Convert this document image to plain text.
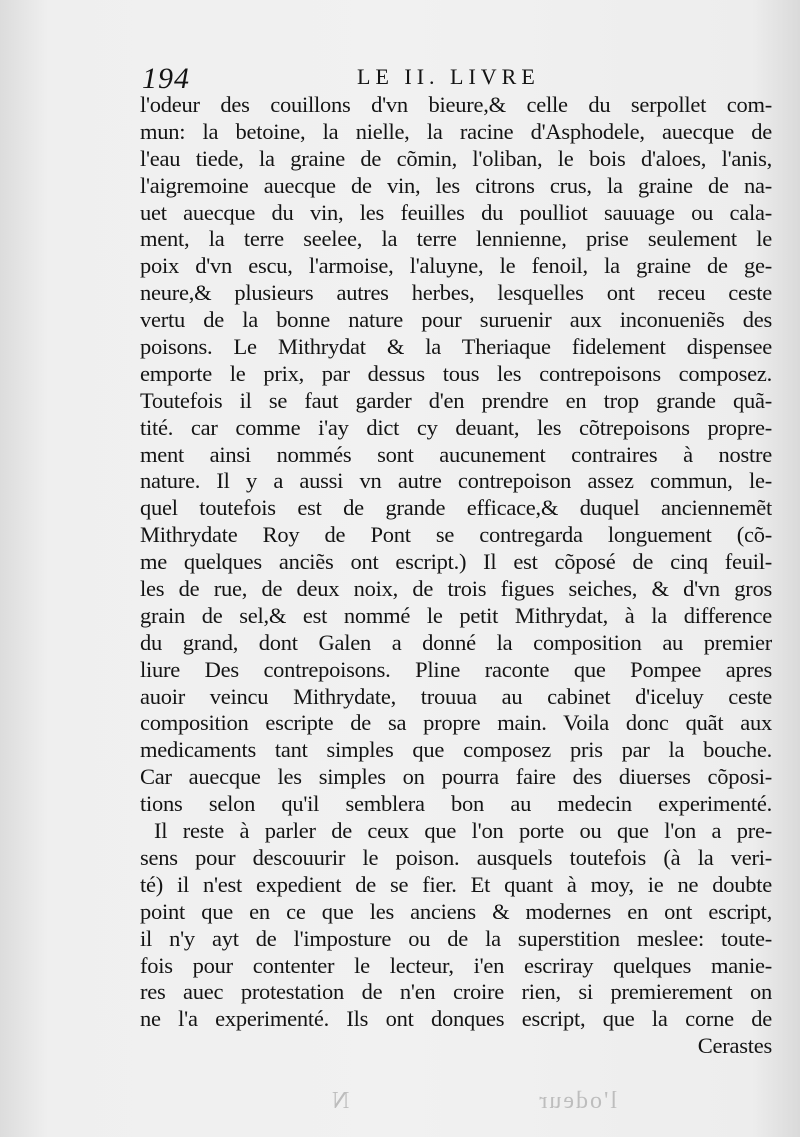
194	LE II. LIVRE
l'odeur des couillons d'vn bieure,& celle du serpollet com-
mun: la betoine, la nielle, la racine d'Asphodele, auecque de
l'eau tiede, la graine de cõmin, l'oliban, le bois d'aloes, l'anis,
l'aigremoine auecque de vin, les citrons crus, la graine de na-
uet auecque du vin, les feuilles du poulliot sauuage ou cala-
ment, la terre seelee, la terre lennienne, prise seulement le
poix d'vn escu, l'armoise, l'aluyne, le fenoil, la graine de ge-
neure,& plusieurs autres herbes, lesquelles ont receu ceste
vertu de la bonne nature pour suruenir aux inconueniẽs des
poisons. Le Mithrydat & la Theriaque fidelement dispensee
emporte le prix, par dessus tous les contrepoisons composez.
Toutefois il se faut garder d'en prendre en trop grande quã-
tité. car comme i'ay dict cy deuant, les cõtrepoisons propre-
ment ainsi nommés sont aucunement contraires à nostre
nature. Il y a aussi vn autre contrepoison assez commun, le-
quel toutefois est de grande efficace,& duquel anciennemẽt
Mithrydate Roy de Pont se contregarda longuement (cõ-
me quelques anciẽs ont escript.) Il est cõposé de cinq feuil-
les de rue, de deux noix, de trois figues seiches, & d'vn gros
grain de sel,& est nommé le petit Mithrydat, à la difference
du grand, dont Galen a donné la composition au premier
liure Des contrepoisons. Pline raconte que Pompee apres
auoir veincu Mithrydate, trouua au cabinet d'iceluy ceste
composition escripte de sa propre main. Voila donc quãt aux
medicaments tant simples que composez pris par la bouche.
Car auecque les simples on pourra faire des diuerses cõposi-
tions selon qu'il semblera bon au medecin experimenté.
Il reste à parler de ceux que l'on porte ou que l'on a pre-
sens pour descouurir le poison. ausquels toutefois (à la veri-
té) il n'est expedient de se fier. Et quant à moy, ie ne doubte
point que en ce que les anciens & modernes en ont escript,
il n'y ayt de l'imposture ou de la superstition meslee: toute-
fois pour contenter le lecteur, i'en escriray quelques manie-
res auec protestation de n'en croire rien, si premierement on
ne l'a experimenté. Ils ont donques escript, que la corne de
Cerastes
l'odeur N
